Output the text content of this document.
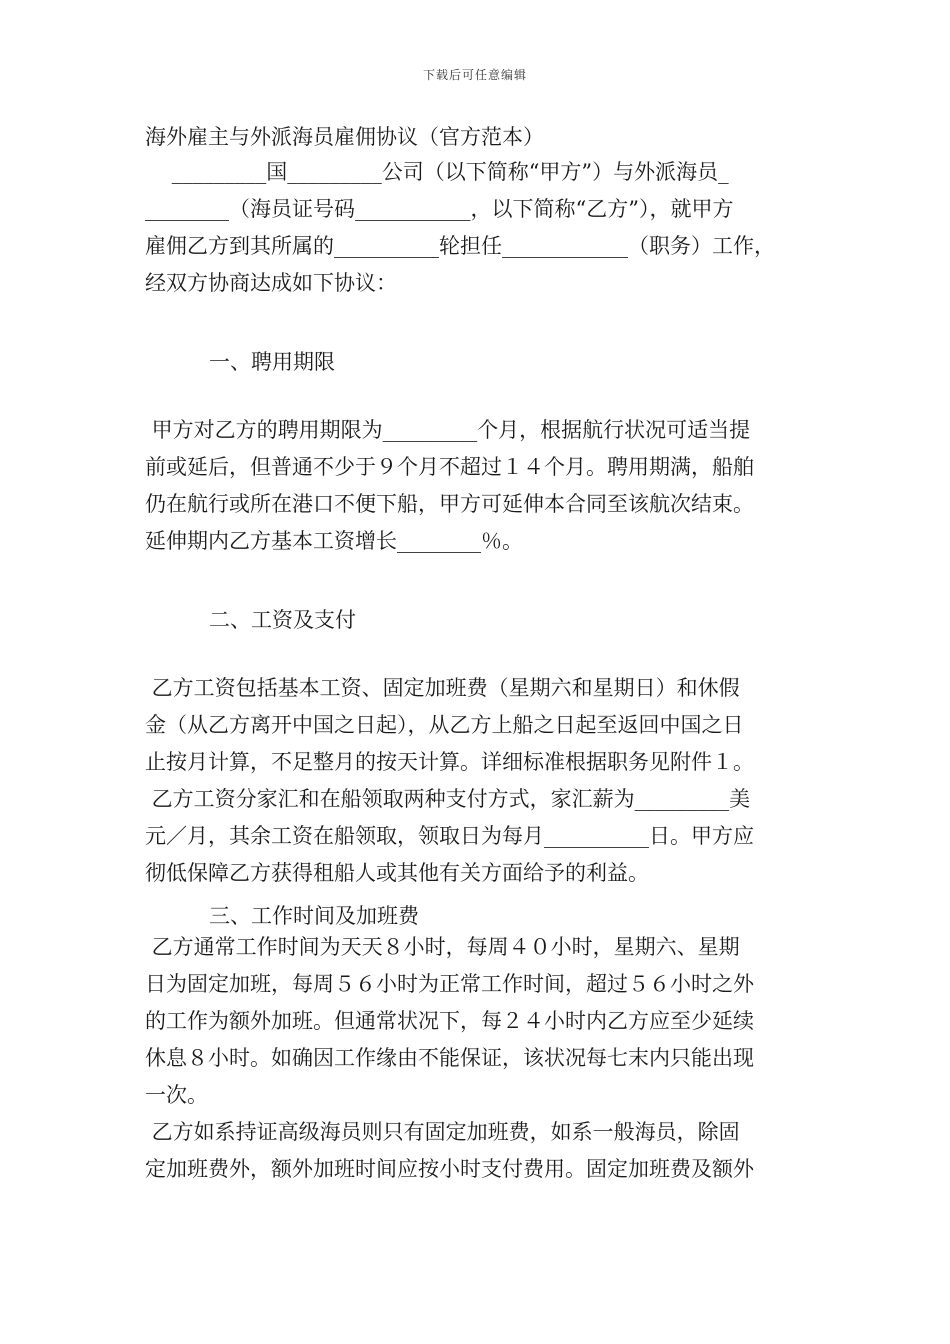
下载后可任意编辑
海外雇主与外派海员雇佣协议（官方范本）
_________国_________公司（以下简称“甲方”）与外派海员_
________（海员证号码___________，以下简称“乙方”），就甲方
雇佣乙方到其所属的__________轮担任____________（职务）工作，
经双方协商达成如下协议：
一、聘用期限
甲方对乙方的聘用期限为_________个月，根据航行状况可适当提
前或延后，但普通不少于９个月不超过１４个月。聘用期满，船舶
仍在航行或所在港口不便下船，甲方可延伸本合同至该航次结束。
延伸期内乙方基本工资增长________％。
二、工资及支付
乙方工资包括基本工资、固定加班费（星期六和星期日）和休假
金（从乙方离开中国之日起），从乙方上船之日起至返回中国之日
止按月计算，不足整月的按天计算。详细标准根据职务见附件１。
乙方工资分家汇和在船领取两种支付方式，家汇薪为_________美
元／月，其余工资在船领取，领取日为每月__________日。甲方应
彻低保障乙方获得租船人或其他有关方面给予的利益。
三、工作时间及加班费
乙方通常工作时间为天天８小时，每周４０小时，星期六、星期
日为固定加班，每周５６小时为正常工作时间，超过５６小时之外
的工作为额外加班。但通常状况下，每２４小时内乙方应至少延续
休息８小时。如确因工作缘由不能保证，该状况每七末内只能出现
一次。
乙方如系持证高级海员则只有固定加班费，如系一般海员，除固
定加班费外，额外加班时间应按小时支付费用。固定加班费及额外
